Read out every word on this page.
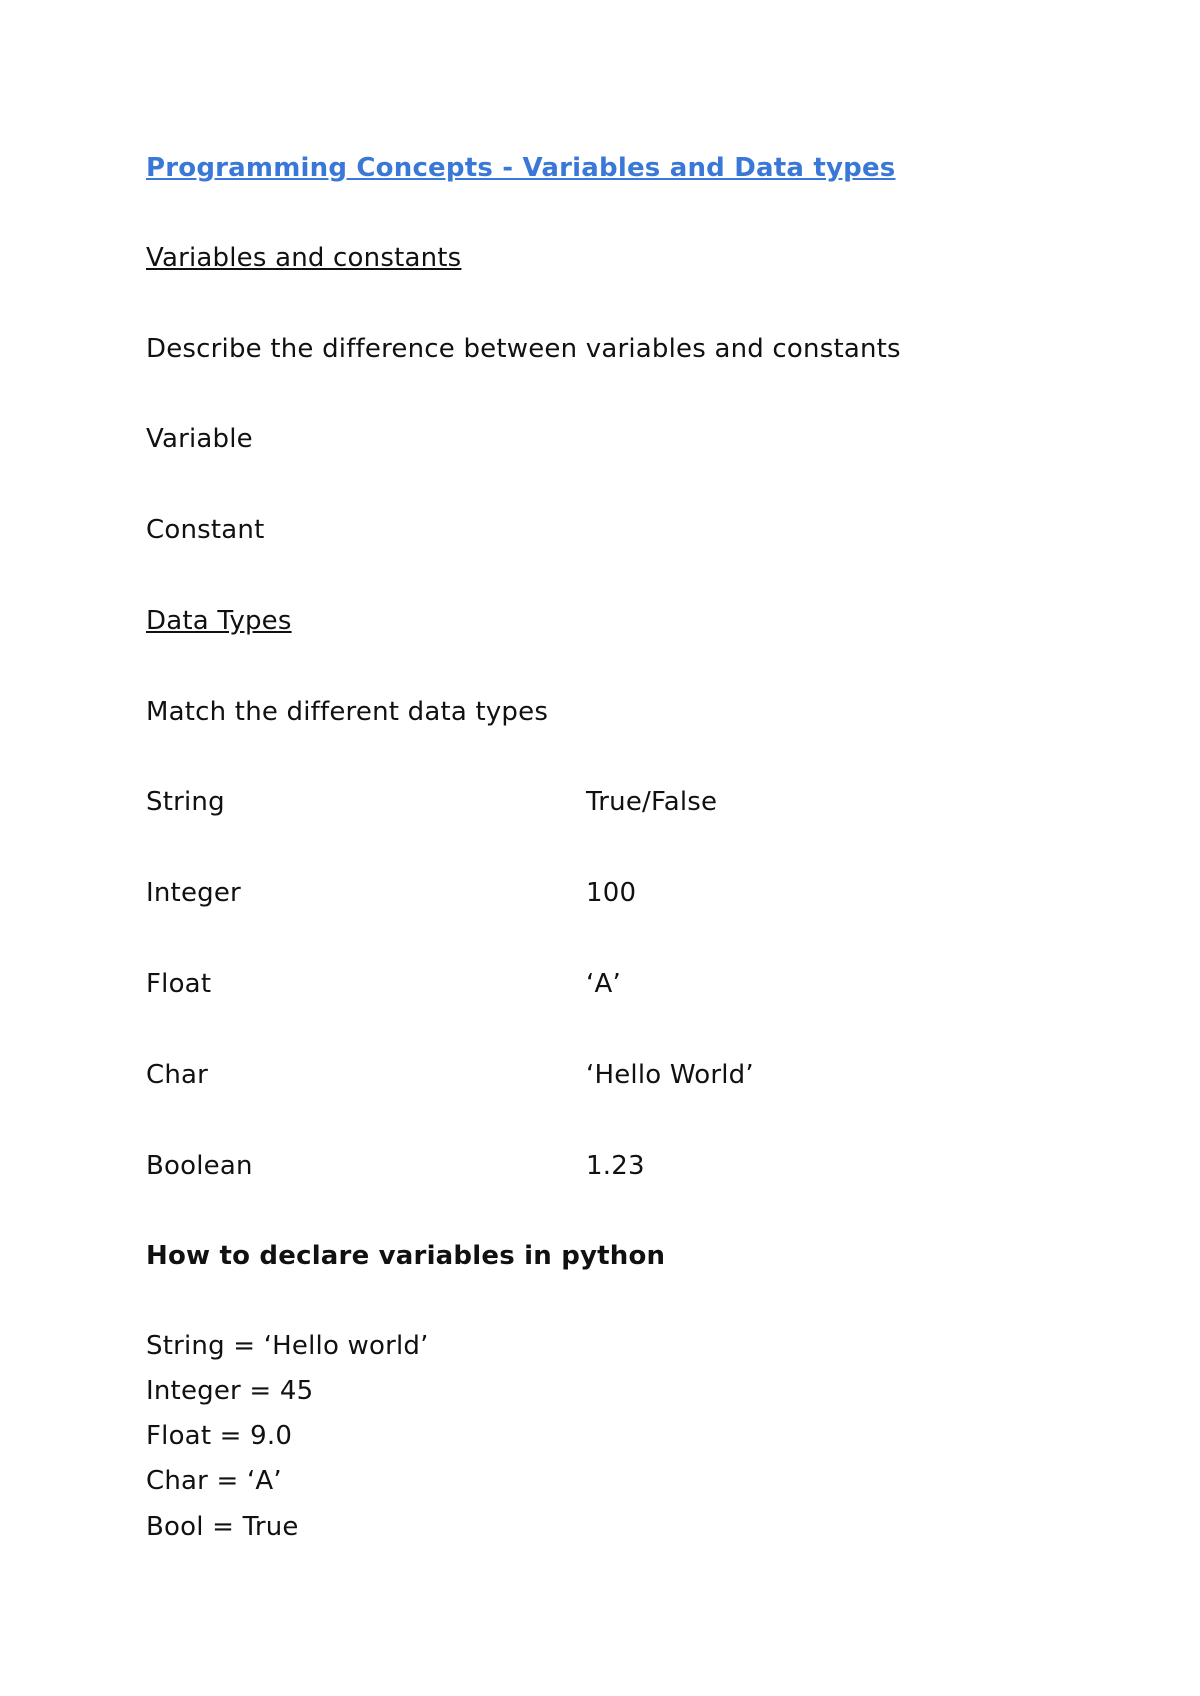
Programming Concepts - Variables and Data types
Variables and constants
Describe the difference between variables and constants
Variable
Constant
Data Types
Match the different data types
String	True/False
Integer	100
Float	‘A’
Char	‘Hello World’
Boolean	1.23
How to declare variables in python
String = ‘Hello world’
Integer = 45
Float = 9.0
Char = ‘A’
Bool = True
